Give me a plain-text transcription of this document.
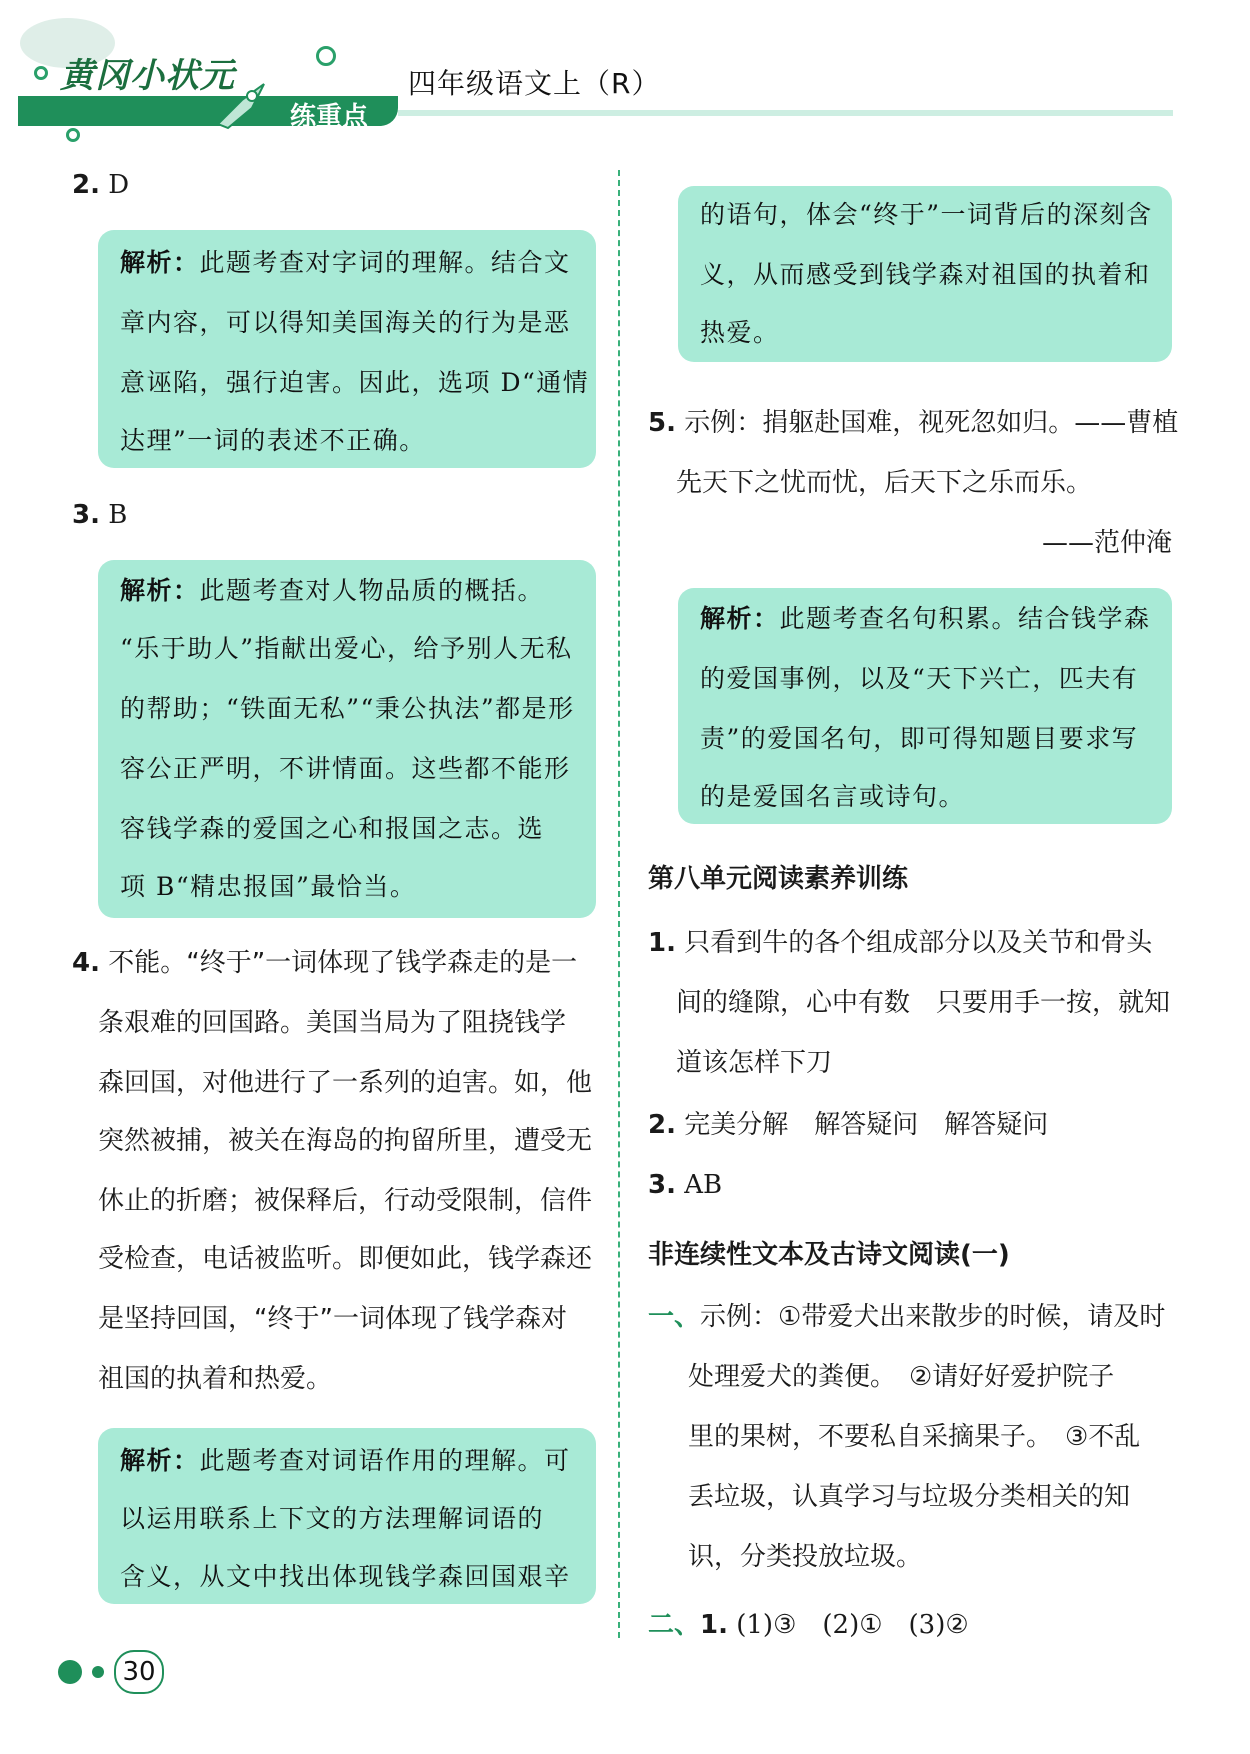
黄冈小状元
练重点
四年级语文上（R）
2. D
解析：此题考查对字词的理解。结合文
章内容，可以得知美国海关的行为是恶
意诬陷，强行迫害。因此，选项 D“通情
达理”一词的表述不正确。
3. B
解析：此题考查对人物品质的概括。
“乐于助人”指献出爱心，给予别人无私
的帮助；“铁面无私”“秉公执法”都是形
容公正严明，不讲情面。这些都不能形
容钱学森的爱国之心和报国之志。选
项 B“精忠报国”最恰当。
4. 不能。“终于”一词体现了钱学森走的是一
条艰难的回国路。美国当局为了阻挠钱学
森回国，对他进行了一系列的迫害。如，他
突然被捕，被关在海岛的拘留所里，遭受无
休止的折磨；被保释后，行动受限制，信件
受检查，电话被监听。即便如此，钱学森还
是坚持回国，“终于”一词体现了钱学森对
祖国的执着和热爱。
解析：此题考查对词语作用的理解。可
以运用联系上下文的方法理解词语的
含义，从文中找出体现钱学森回国艰辛
的语句，体会“终于”一词背后的深刻含
义，从而感受到钱学森对祖国的执着和
热爱。
5. 示例：捐躯赴国难，视死忽如归。——曹植
先天下之忧而忧，后天下之乐而乐。
——范仲淹
解析：此题考查名句积累。结合钱学森
的爱国事例，以及“天下兴亡，匹夫有
责”的爱国名句，即可得知题目要求写
的是爱国名言或诗句。
第八单元阅读素养训练
1. 只看到牛的各个组成部分以及关节和骨头
间的缝隙，心中有数　只要用手一按，就知
道该怎样下刀
2. 完美分解　解答疑问　解答疑问
3. AB
非连续性文本及古诗文阅读(一)
一、示例：①带爱犬出来散步的时候，请及时
处理爱犬的粪便。　②请好好爱护院子
里的果树，不要私自采摘果子。　③不乱
丢垃圾，认真学习与垃圾分类相关的知
识，分类投放垃圾。
二、1. (1)③　(2)①　(3)②
30
